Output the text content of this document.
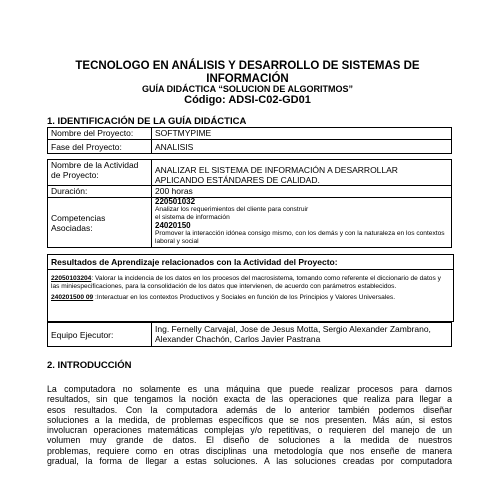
TECNOLOGO EN ANÁLISIS Y DESARROLLO DE SISTEMAS DE INFORMACIÓN
GUÍA DIDÁCTICA “SOLUCION DE ALGORITMOS”
Código: ADSI-C02-GD01
1. IDENTIFICACIÓN DE LA GUÍA DIDÁCTICA
Nombre del Proyecto:	SOFTMYPIME
Fase del Proyecto:	ANALISIS
Nombre de la Actividad de Proyecto:	ANALIZAR EL SISTEMA DE INFORMACIÓN A DESARROLLAR APLICANDO ESTÁNDARES DE CALIDAD.
Duración:	200 horas
Competencias Asociadas:	220501032
Analizar los requerimientos del cliente para construir el sistema de información
24020150
Promover la interacción idónea consigo mismo, con los demás y con la naturaleza en los contextos laboral y social
Resultados de Aprendizaje relacionados con la Actividad del Proyecto:
22050103204: Valorar la incidencia de los datos en los procesos del macrosistema, tomando como referente el diccionario de datos y las miniespecificaciones, para la consolidación de los datos que intervienen, de acuerdo con parámetros establecidos.
240201500 09 :Interactuar en los contextos Productivos y Sociales en función de los Principios y Valores Universales.
Equipo Ejecutor:	Ing. Fernelly Carvajal, Jose de Jesus Motta, Sergio Alexander Zambrano, Alexander Chachón, Carlos Javier Pastrana
2. INTRODUCCIÓN
La computadora no solamente es una máquina que puede realizar procesos para darnos
resultados, sin que tengamos la noción exacta de las operaciones que realiza para llegar a
esos resultados. Con la computadora además de lo anterior también podemos diseñar
soluciones a la medida, de problemas específicos que se nos presenten. Más aún, si estos
involucran operaciones matemáticas complejas y/o repetitivas, o requieren del manejo de un
volumen muy grande de datos. El diseño de soluciones a la medida de nuestros
problemas, requiere como en otras disciplinas una metodología que nos enseñe de manera
gradual, la forma de llegar a estas soluciones. A las soluciones creadas por computadora
